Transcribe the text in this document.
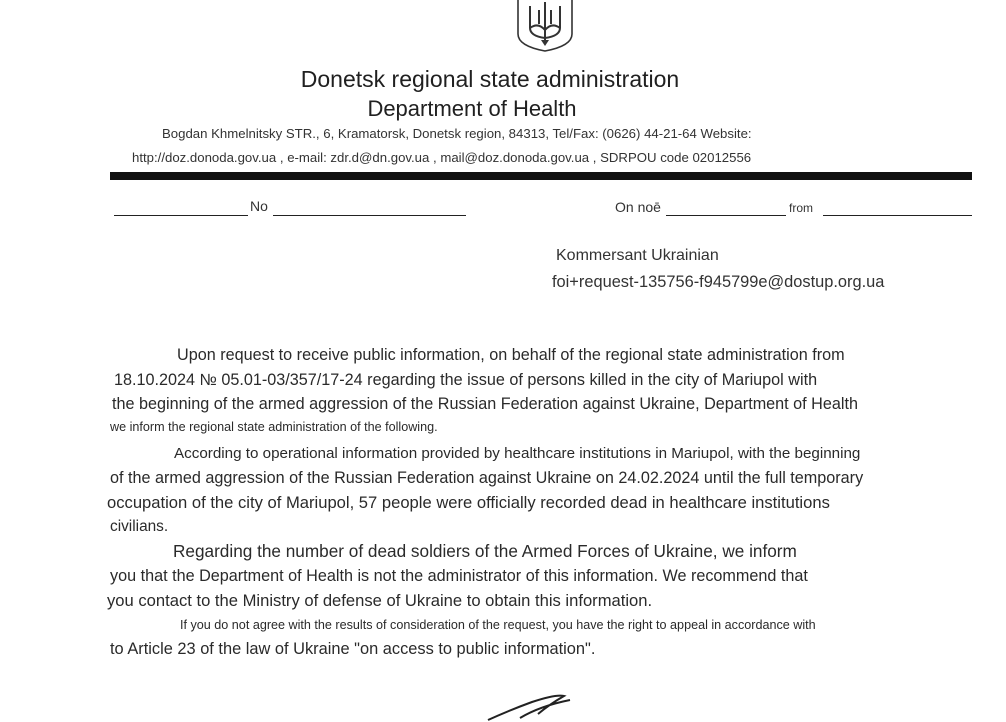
Donetsk regional state administration
Department of Health
Bogdan Khmelnitsky STR., 6, Kramatorsk, Donetsk region, 84313, Tel/Fax: (0626) 44-21-64 Website:
http://doz.donoda.gov.ua , e-mail: zdr.d@dn.gov.ua , mail@doz.donoda.gov.ua , SDRPOU code 02012556
No	On noē	from
Kommersant Ukrainian
foi+request-135756-f945799e@dostup.org.ua
Upon request to receive public information, on behalf of the regional state administration from
18.10.2024 № 05.01-03/357/17-24 regarding the issue of persons killed in the city of Mariupol with
the beginning of the armed aggression of the Russian Federation against Ukraine, Department of Health
we inform the regional state administration of the following.
According to operational information provided by healthcare institutions in Mariupol, with the beginning
of the armed aggression of the Russian Federation against Ukraine on 24.02.2024 until the full temporary
occupation of the city of Mariupol, 57 people were officially recorded dead in healthcare institutions
civilians.
Regarding the number of dead soldiers of the Armed Forces of Ukraine, we inform
you that the Department of Health is not the administrator of this information. We recommend that
you contact to the Ministry of defense of Ukraine to obtain this information.
If you do not agree with the results of consideration of the request, you have the right to appeal in accordance with
to Article 23 of the law of Ukraine "on access to public information".
